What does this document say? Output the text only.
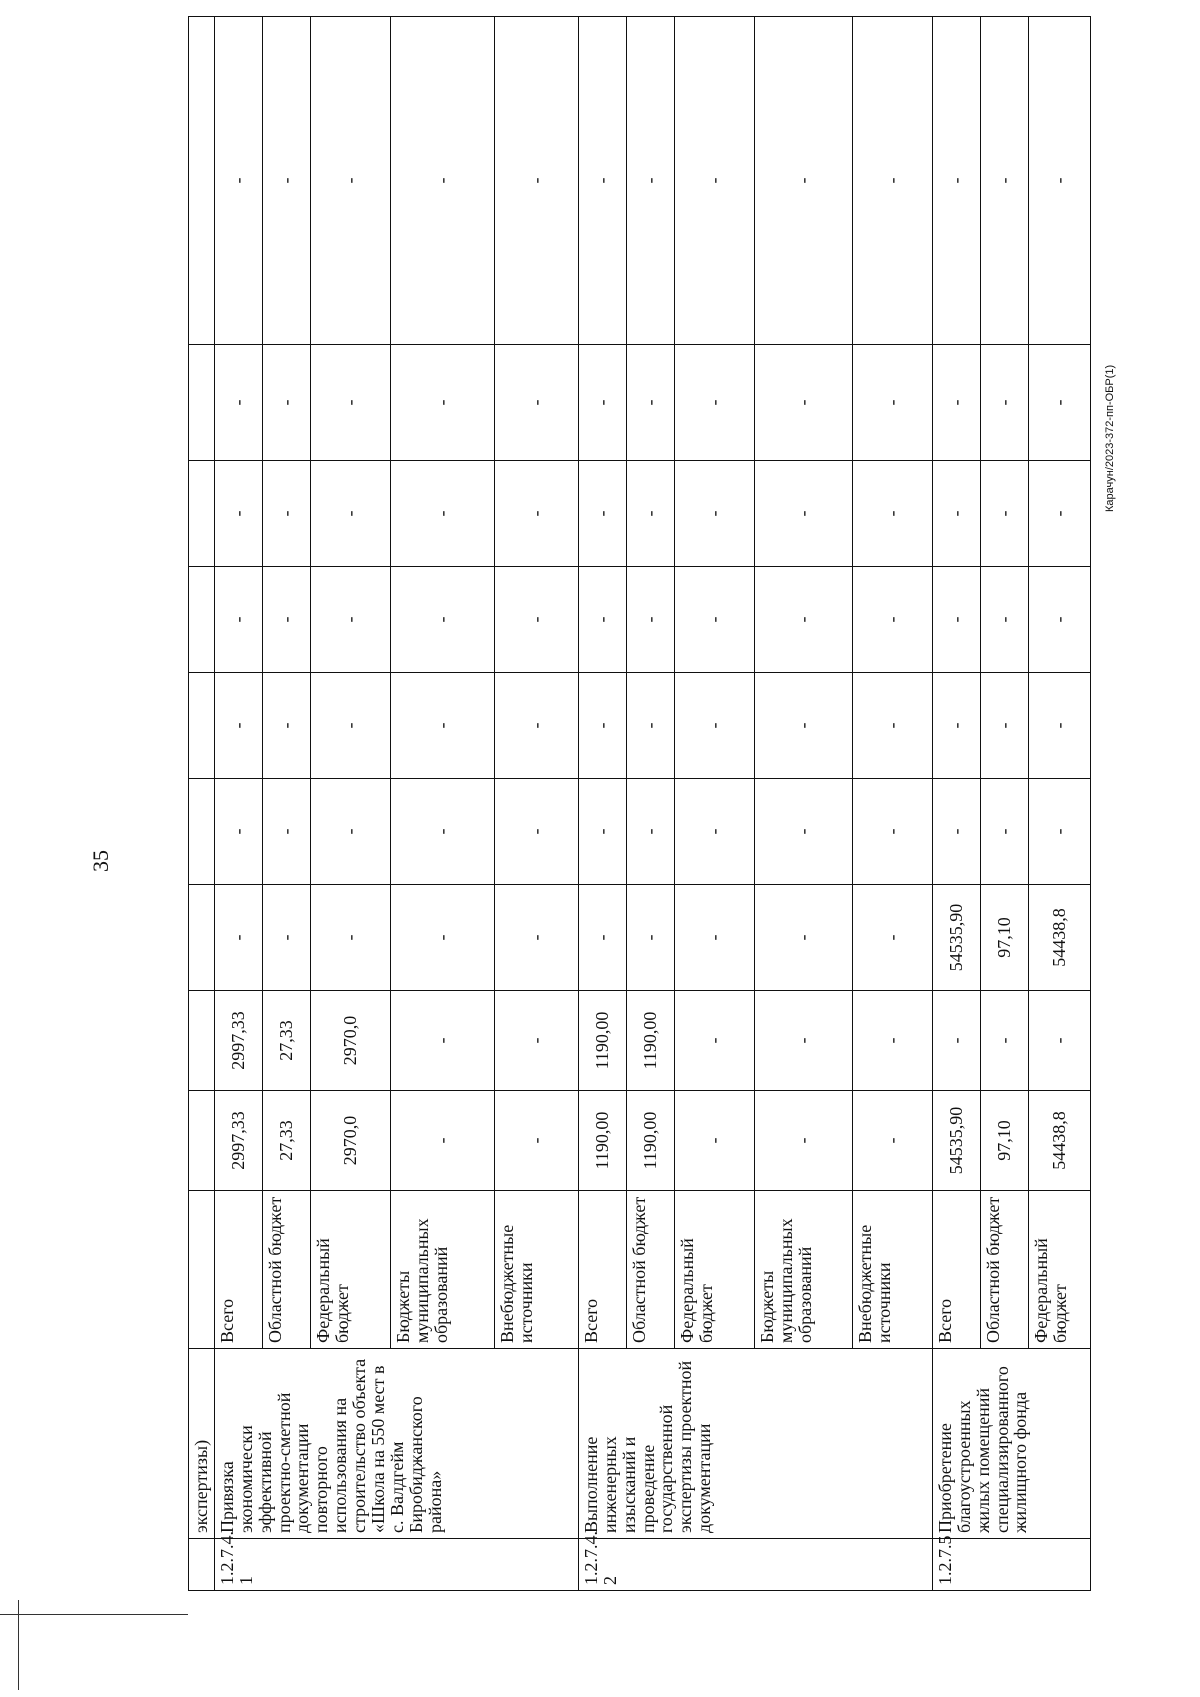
35
Карачун/2023-372-пп-ОБР(1)
	экспертизы)										
1.2.7.4.
1	Привязка экономически эффективной проектно-сметной документации повторного использования на строительство объекта «Школа на 550 мест в с. Валдгейм Биробиджанского района»	Всего	2997,33	2997,33	-	-	-	-	-	-	-
		Областной бюджет	27,33	27,33	-	-	-	-	-	-	-
		Федеральный бюджет	2970,0	2970,0	-	-	-	-	-	-	-
		Бюджеты муниципальных образований	-	-	-	-	-	-	-	-	-
		Внебюджетные источники	-	-	-	-	-	-	-	-	-
1.2.7.4.
2	Выполнение инженерных изысканий и проведение государственной экспертизы проектной документации	Всего	1190,00	1190,00	-	-	-	-	-	-	-
		Областной бюджет	1190,00	1190,00	-	-	-	-	-	-	-
		Федеральный бюджет	-	-	-	-	-	-	-	-	-
		Бюджеты муниципальных образований	-	-	-	-	-	-	-	-	-
		Внебюджетные источники	-	-	-	-	-	-	-	-	-
1.2.7.5	Приобретение благоустроенных жилых помещений специализированного жилищного фонда	Всего	54535,90	-	54535,90	-	-	-	-	-	-
		Областной бюджет	97,10	-	97,10	-	-	-	-	-	-
		Федеральный бюджет	54438,8	-	54438,8	-	-	-	-	-	-
